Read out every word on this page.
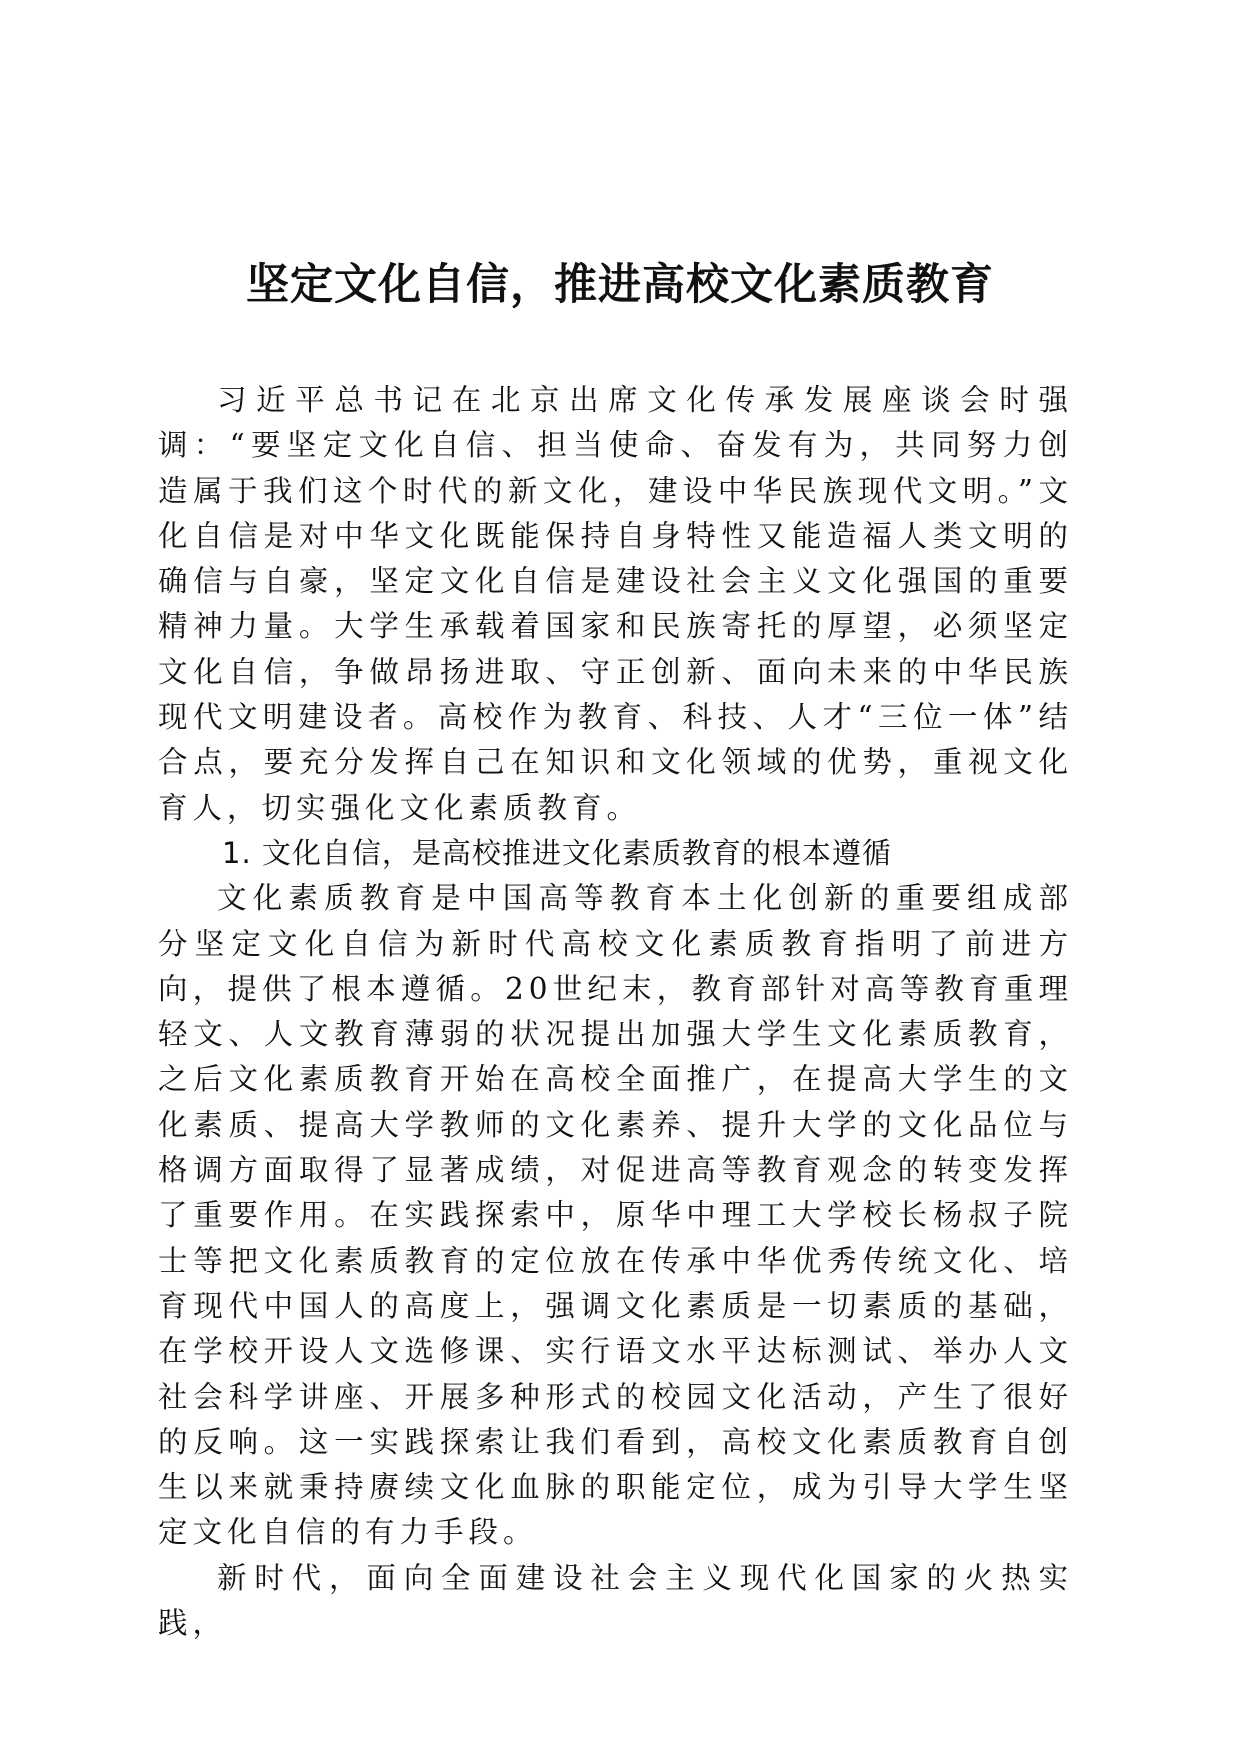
坚定文化自信，推进高校文化素质教育

习近平总书记在北京出席文化传承发展座谈会时强调：“要坚定文化自信、担当使命、奋发有为，共同努力创造属于我们这个时代的新文化，建设中华民族现代文明。”文化自信是对中华文化既能保持自身特性又能造福人类文明的确信与自豪，坚定文化自信是建设社会主义文化强国的重要精神力量。大学生承载着国家和民族寄托的厚望，必须坚定文化自信，争做昂扬进取、守正创新、面向未来的中华民族现代文明建设者。高校作为教育、科技、人才“三位一体”结合点，要充分发挥自己在知识和文化领域的优势，重视文化育人，切实强化文化素质教育。

1. 文化自信，是高校推进文化素质教育的根本遵循

文化素质教育是中国高等教育本土化创新的重要组成部分坚定文化自信为新时代高校文化素质教育指明了前进方向，提供了根本遵循。20世纪末，教育部针对高等教育重理轻文、人文教育薄弱的状况提出加强大学生文化素质教育，之后文化素质教育开始在高校全面推广，在提高大学生的文化素质、提高大学教师的文化素养、提升大学的文化品位与格调方面取得了显著成绩，对促进高等教育观念的转变发挥了重要作用。在实践探索中，原华中理工大学校长杨叔子院士等把文化素质教育的定位放在传承中华优秀传统文化、培育现代中国人的高度上，强调文化素质是一切素质的基础，在学校开设人文选修课、实行语文水平达标测试、举办人文社会科学讲座、开展多种形式的校园文化活动，产生了很好的反响。这一实践探索让我们看到，高校文化素质教育自创生以来就秉持赓续文化血脉的职能定位，成为引导大学生坚定文化自信的有力手段。

新时代，面向全面建设社会主义现代化国家的火热实践，
